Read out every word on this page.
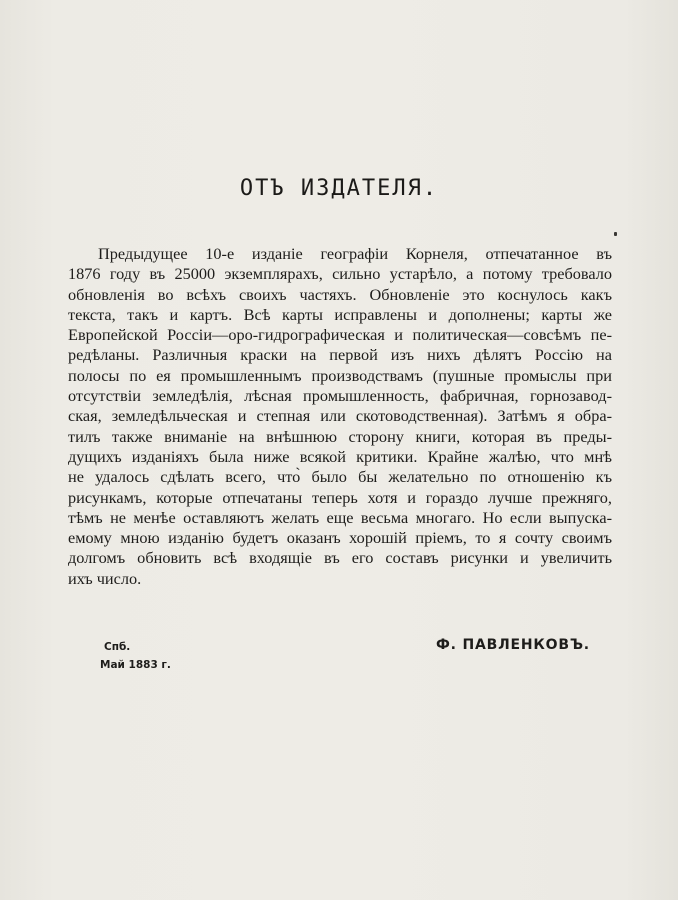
ОТЪ ИЗДАТЕЛЯ.
Предыдущее 10-е изданіе географіи Корнеля, отпечатанное въ
1876 году въ 25000 экземплярахъ, сильно устарѣло, а потому требовало
обновленія во всѣхъ своихъ частяхъ. Обновленіе это коснулось какъ
текста, такъ и картъ. Всѣ карты исправлены и дополнены; карты же
Европейской Россіи—оро-гидрографическая и политическая—совсѣмъ пе-
редѣланы. Различныя краски на первой изъ нихъ дѣлятъ Россію на
полосы по ея промышленнымъ производствамъ (пушные промыслы при
отсутствіи земледѣлія, лѣсная промышленность, фабричная, горнозавод-
ская, земледѣльческая и степная или скотоводственная). Затѣмъ я обра-
тилъ также вниманіе на внѣшнюю сторону книги, которая въ преды-
дущихъ изданіяхъ была ниже всякой критики. Крайне жалѣю, что мнѣ
не удалось сдѣлать всего, что̀ было бы желательно по отношенію къ
рисункамъ, которые отпечатаны теперь хотя и гораздо лучше прежняго,
тѣмъ не менѣе оставляютъ желать еще весьма многаго. Но если выпуска-
емому мною изданію будетъ оказанъ хорошій пріемъ, то я сочту своимъ
долгомъ обновить всѣ входящіе въ его составъ рисунки и увеличить
ихъ число.
Спб.
Май 1883 г.
Ф. ПАВЛЕНКОВЪ.
